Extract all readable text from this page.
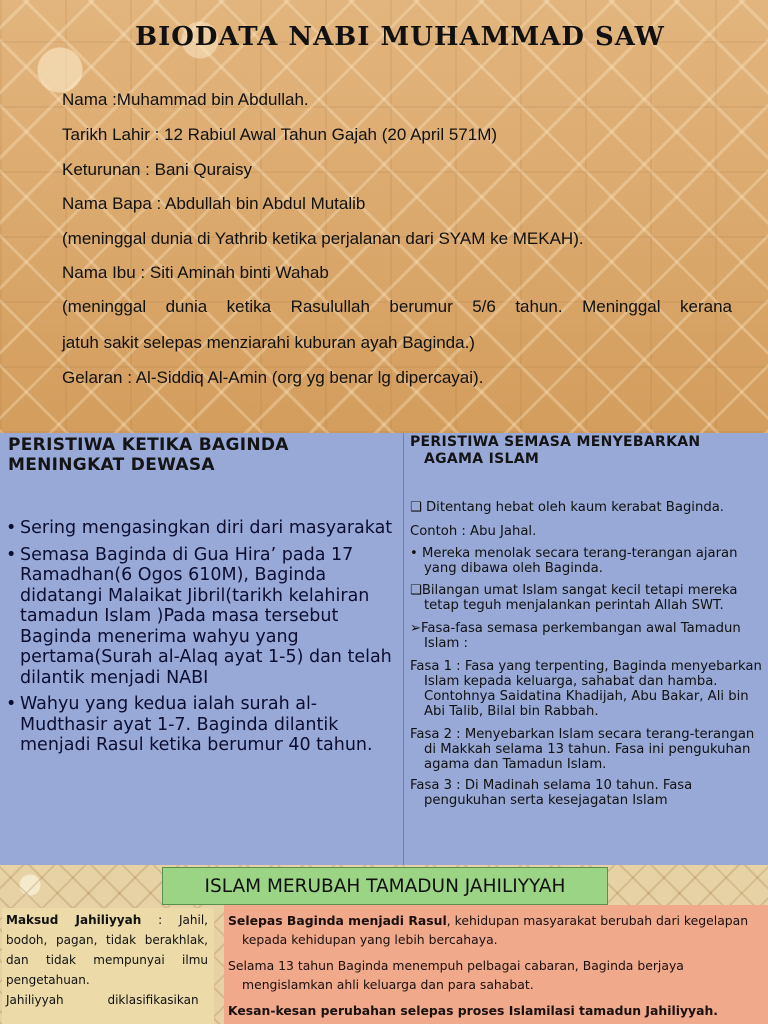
BIODATA NABI MUHAMMAD SAW
Nama :Muhammad bin Abdullah.
Tarikh Lahir : 12 Rabiul Awal Tahun Gajah (20 April 571M)
Keturunan : Bani Quraisy
Nama Bapa : Abdullah bin Abdul Mutalib
(meninggal dunia di Yathrib ketika perjalanan dari SYAM ke MEKAH).
Nama Ibu : Siti Aminah binti Wahab
(meninggal dunia ketika Rasulullah berumur 5/6 tahun. Meninggal kerana
jatuh sakit selepas menziarahi kuburan ayah Baginda.)
Gelaran : Al-Siddiq Al-Amin (org yg benar lg dipercayai).
PERISTIWA KETIKA BAGINDA
MENINGKAT DEWASA
• Sering mengasingkan diri dari masyarakat
• Semasa Baginda di Gua Hira’ pada 17 Ramadhan(6 Ogos 610M), Baginda didatangi Malaikat Jibril(tarikh kelahiran tamadun Islam )Pada masa tersebut Baginda menerima wahyu yang pertama(Surah al-Alaq ayat 1-5) dan telah dilantik menjadi NABI
• Wahyu yang kedua ialah surah al-Mudthasir ayat 1-7. Baginda dilantik menjadi Rasul ketika berumur 40 tahun.
PERISTIWA SEMASA MENYEBARKAN
AGAMA ISLAM
❑ Ditentang hebat oleh kaum kerabat Baginda.
Contoh : Abu Jahal.
• Mereka menolak secara terang-terangan ajaran yang dibawa oleh Baginda.
❑Bilangan umat Islam sangat kecil tetapi mereka tetap teguh menjalankan perintah Allah SWT.
➢Fasa-fasa semasa perkembangan awal Tamadun Islam :
Fasa 1 : Fasa yang terpenting, Baginda menyebarkan Islam kepada keluarga, sahabat dan hamba. Contohnya Saidatina Khadijah, Abu Bakar, Ali bin Abi Talib, Bilal bin Rabbah.
Fasa 2 : Menyebarkan Islam secara terang-terangan di Makkah selama 13 tahun. Fasa ini pengukuhan agama dan Tamadun Islam.
Fasa 3 : Di Madinah selama 10 tahun. Fasa pengukuhan serta kesejagatan Islam
ISLAM MERUBAH TAMADUN JAHILIYYAH
Maksud Jahiliyyah : Jahil, bodoh, pagan, tidak berakhlak, dan tidak mempunyai ilmu pengetahuan.
Jahiliyyah diklasifikasikan

Selepas Baginda menjadi Rasul, kehidupan masyarakat berubah dari kegelapan kepada kehidupan yang lebih bercahaya.

Selama 13 tahun Baginda menempuh pelbagai cabaran, Baginda berjaya mengislamkan ahli keluarga dan para sahabat.

Kesan-kesan perubahan selepas proses Islamilasi tamadun Jahiliyyah.
